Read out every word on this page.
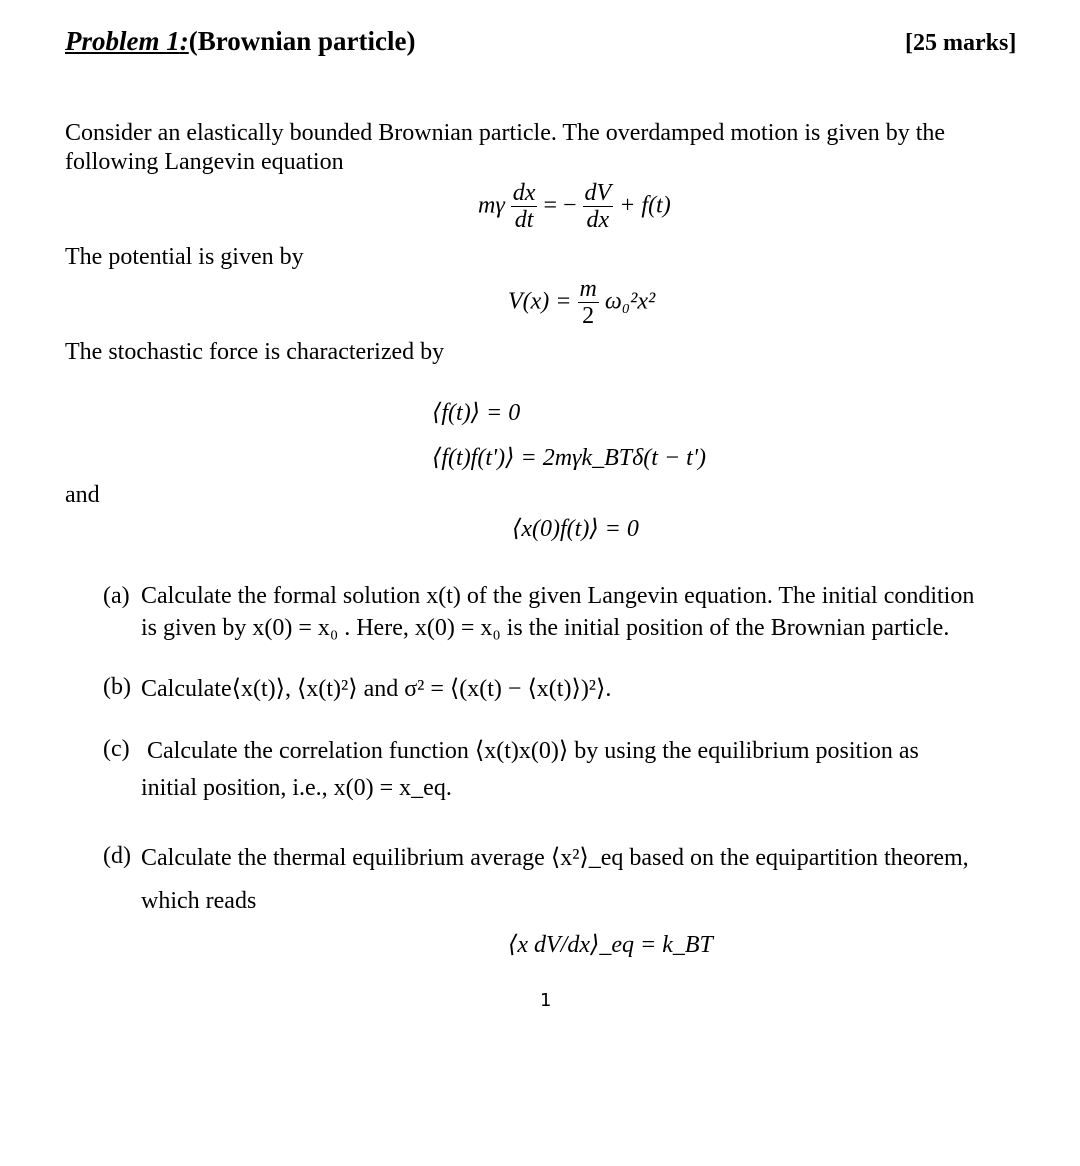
Problem 1:(Brownian particle)	[25 marks]
Consider an elastically bounded Brownian particle. The overdamped motion is given by the
following Langevin equation
mγ $\frac{dx}{dt}$ = − $\frac{dV}{dx} + f(t)$
The potential is given by
$V(x) = \frac{m}{2} \omega_0^2x^2$
The stochastic force is characterized by
⟨f(t)⟩ = 0
⟨f(t)f(t')⟩ = 2mγk_BTδ(t − t')
and
⟨x(0)f(t)⟩ = 0
(a) Calculate the formal solution x(t) of the given Langevin equation. The initial condition
is given by x(0) = x₀ . Here, x(0) = x₀ is the initial position of the Brownian particle.
(b) Calculate⟨x(t)⟩, ⟨x(t)²⟩ and σ² = ⟨(x(t) − ⟨x(t)⟩)²⟩.
(c) Calculate the correlation function ⟨x(t)x(0)⟩ by using the equilibrium position as
initial position, i.e., x(0) = x_eq.
(d) Calculate the thermal equilibrium average ⟨x²⟩_eq based on the equipartition theorem,
which reads
⟨x dV/dx⟩_eq = k_BT
1
